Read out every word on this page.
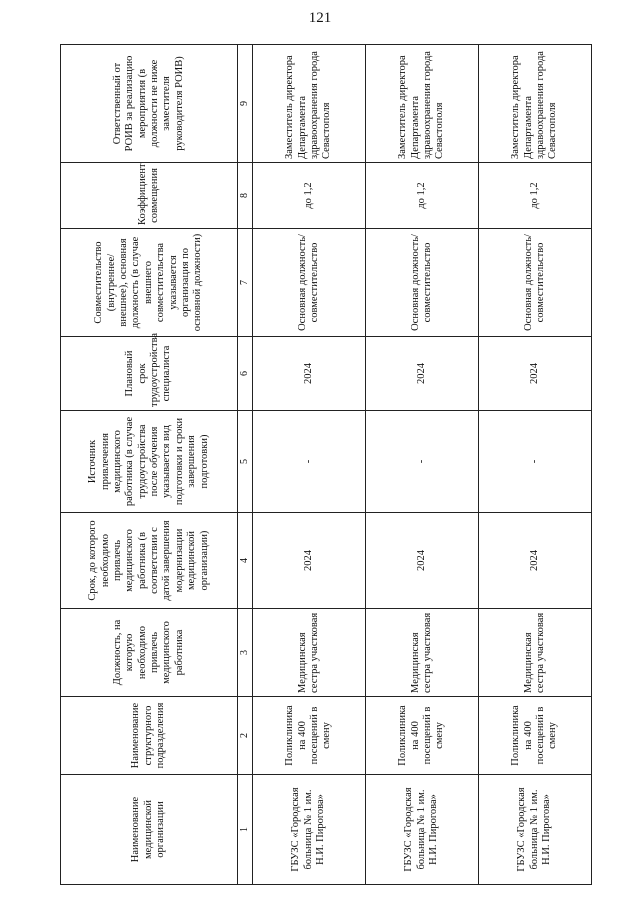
121
Наименование медицинской организации	Наименование структурного подразделения	Должность, на которую необходимо привлечь медицинского работника	Срок, до которого необходимо привлечь медицинского работника (в соответствии с датой завершения модернизации медицинской организации)	Источник привлечения медицинского работника (в случае трудоустройства после обучения указывается вид подготовки и сроки завершения подготовки)	Плановый срок трудоустройства специалиста	Совместительство (внутреннее/внешнее), основная должность (в случае внешнего совместительства указывается организация по основной должности)	Коэффициент совмещения	Ответственный от РОИВ за реализацию мероприятия (в должности не ниже заместителя руководителя РОИВ)
1	2	3	4	5	6	7	8	9
ГБУЗС «Городская больница № 1 им. Н.И. Пирогова»	Поликлиника на 400 посещений в смену	Медицинская сестра участковая	2024	-	2024	Основная должность/ совместительство	до 1,2	Заместитель директора Департамента здравоохранения города Севастополя
ГБУЗС «Городская больница № 1 им. Н.И. Пирогова»	Поликлиника на 400 посещений в смену	Медицинская сестра участковая	2024	-	2024	Основная должность/ совместительство	до 1,2	Заместитель директора Департамента здравоохранения города Севастополя
ГБУЗС «Городская больница № 1 им. Н.И. Пирогова»	Поликлиника на 400 посещений в смену	Медицинская сестра участковая	2024	-	2024	Основная должность/ совместительство	до 1,2	Заместитель директора Департамента здравоохранения города Севастополя
